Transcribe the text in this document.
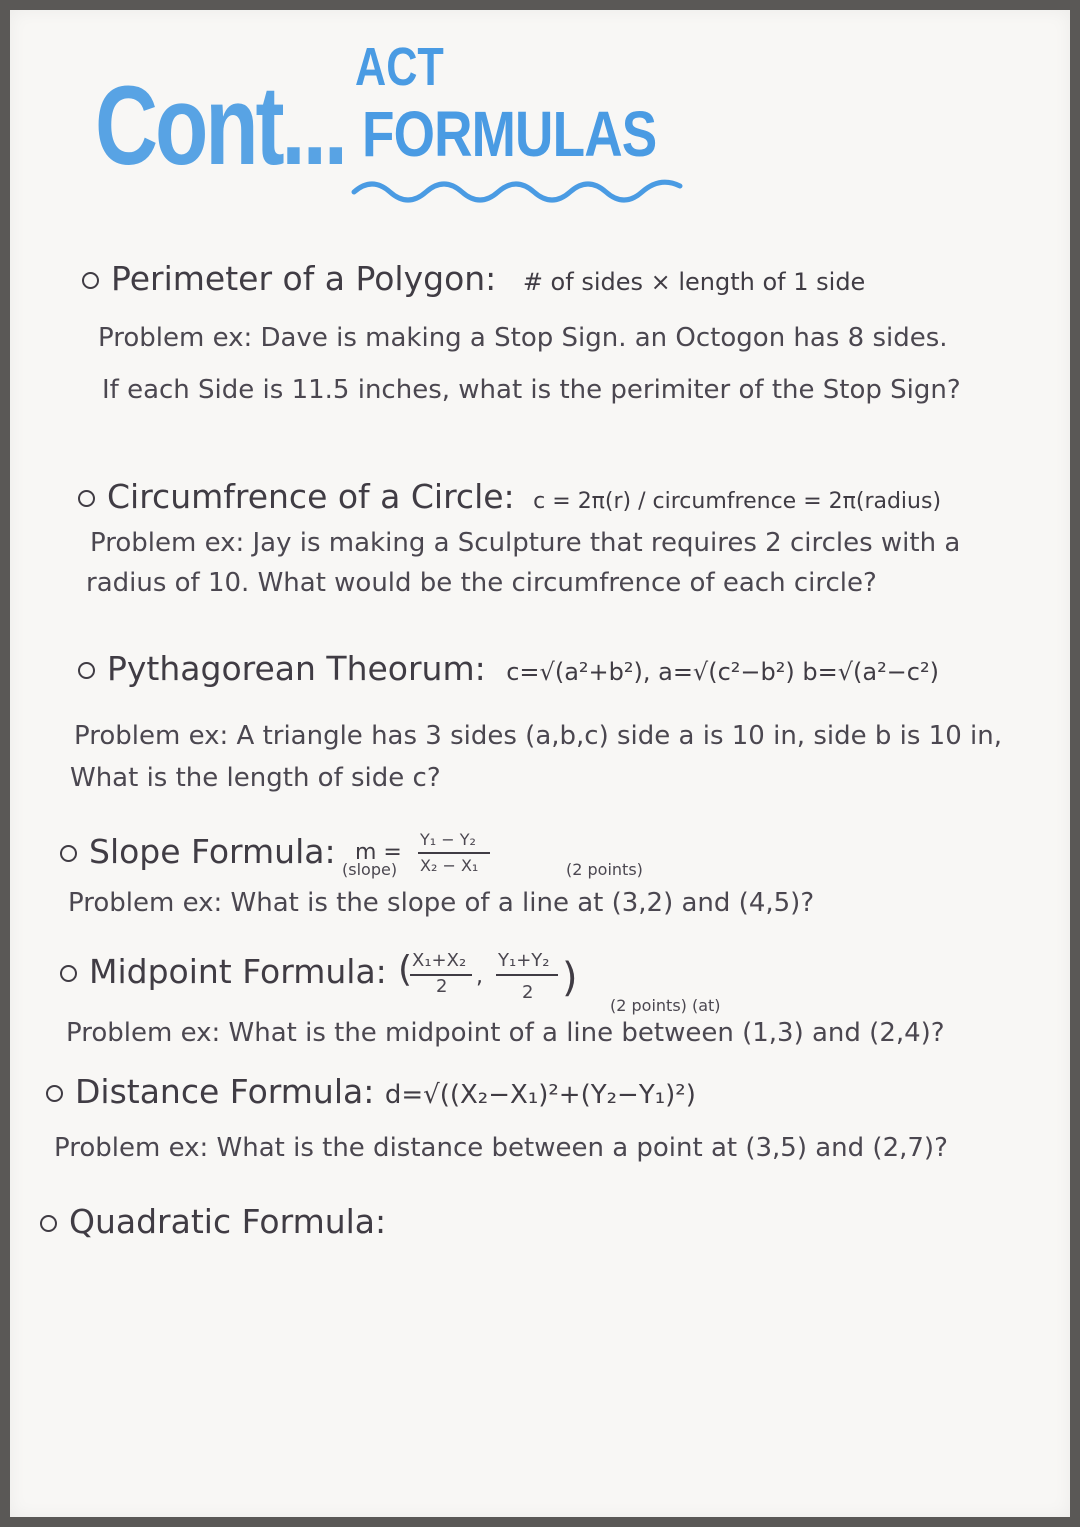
Cont... ACT
FORMULAS
Perimeter of a Polygon: # of sides × length of 1 side
Problem ex: Dave is making a Stop Sign. an Octogon has 8 sides.
If each Side is 11.5 inches, what is the perimiter of the Stop Sign?
Circumfrence of a Circle: c = 2π(r) / circumfrence = 2π(radius)
Problem ex: Jay is making a Sculpture that requires 2 circles with a
radius of 10. What would be the circumfrence of each circle?
Pythagorean Theorum: c=√(a²+b²), a=√(c²−b²) b=√(a²−c²)
Problem ex: A triangle has 3 sides (a,b,c) side a is 10 in, side b is 10 in,
What is the length of side c?
Slope Formula: m =
Y₁ − Y₂
X₂ − X₁
(slope)	(2 points)
Problem ex: What is the slope of a line at (3,2) and (4,5)?
Midpoint Formula: ( X₁+X₂
2 ,
Y₁+Y₂
2 )
(2 points) (at)
Problem ex: What is the midpoint of a line between (1,3) and (2,4)?
Distance Formula: d=√((X₂−X₁)²+(Y₂−Y₁)²)
Problem ex: What is the distance between a point at (3,5) and (2,7)?
Quadratic Formula:
